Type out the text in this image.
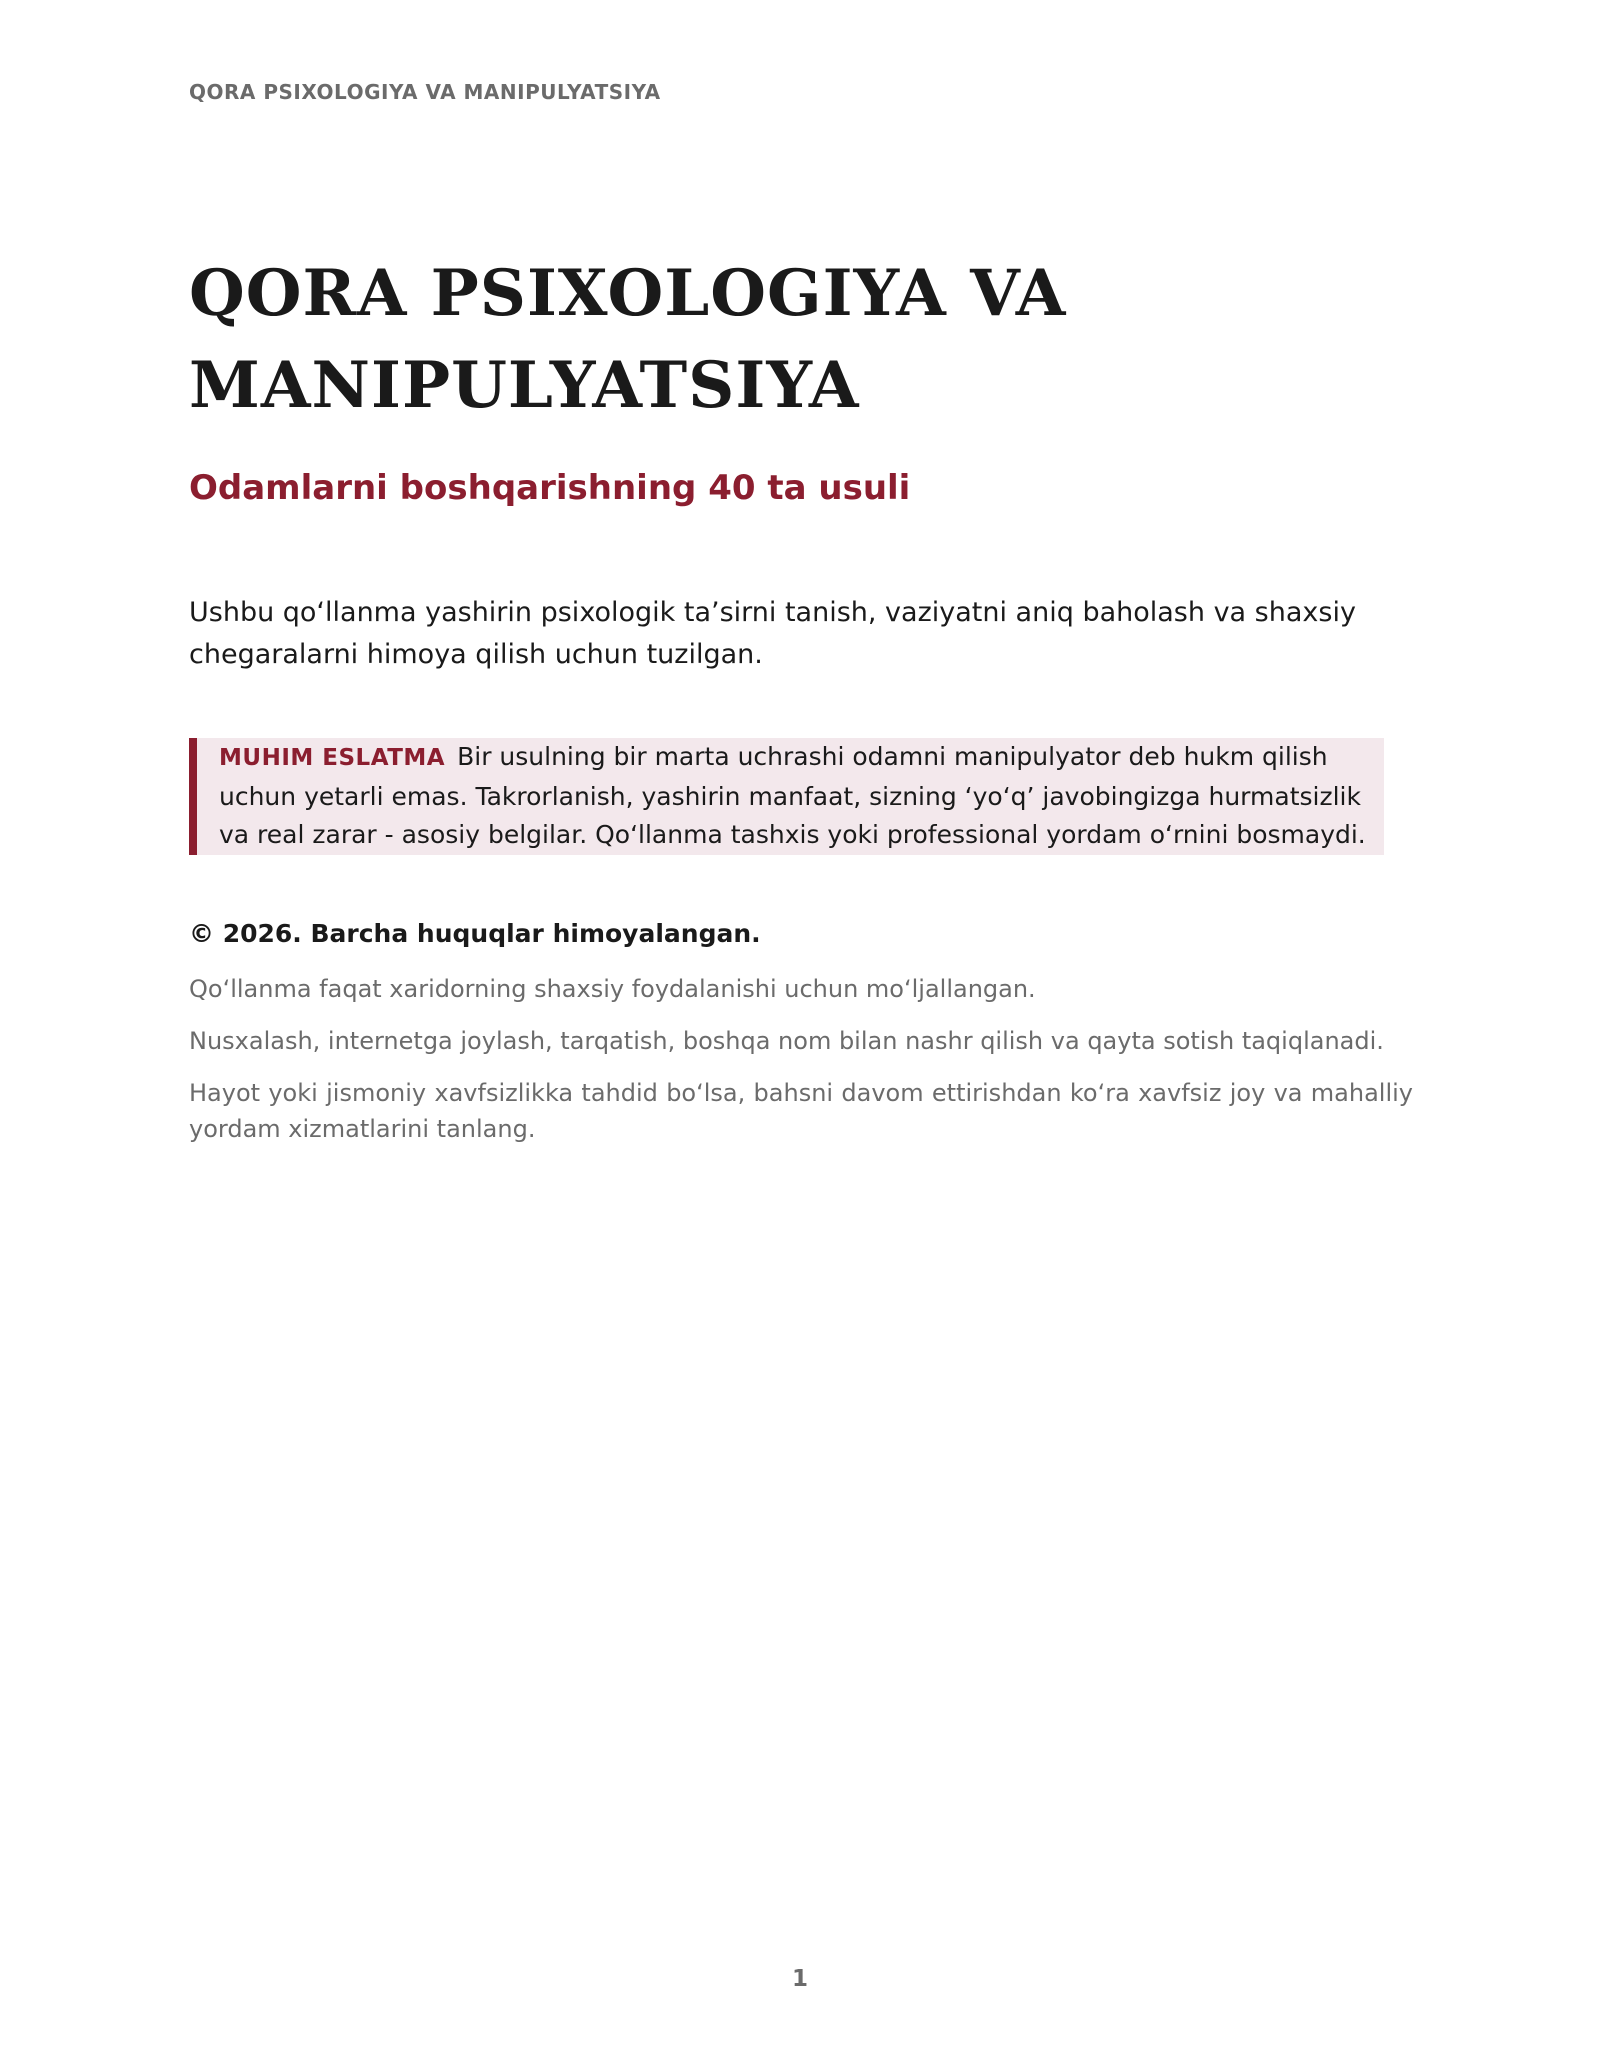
QORA PSIXOLOGIYA VA MANIPULYATSIYA
QORA PSIXOLOGIYA VA
MANIPULYATSIYA
Odamlarni boshqarishning 40 ta usuli

Ushbu qo‘llanma yashirin psixologik ta’sirni tanish, vaziyatni aniq baholash va shaxsiy chegaralarni himoya qilish uchun tuzilgan.

MUHIM ESLATMA Bir usulning bir marta uchrashi odamni manipulyator deb hukm qilish uchun yetarli emas. Takrorlanish, yashirin manfaat, sizning ‘yo‘q’ javobingizga hurmatsizlik va real zarar - asosiy belgilar. Qo‘llanma tashxis yoki professional yordam o‘rnini bosmaydi.

© 2026. Barcha huquqlar himoyalangan.

Qo‘llanma faqat xaridorning shaxsiy foydalanishi uchun mo‘ljallangan.

Nusxalash, internetga joylash, tarqatish, boshqa nom bilan nashr qilish va qayta sotish taqiqlanadi.

Hayot yoki jismoniy xavfsizlikka tahdid bo‘lsa, bahsni davom ettirishdan ko‘ra xavfsiz joy va mahalliy yordam xizmatlarini tanlang.

1
